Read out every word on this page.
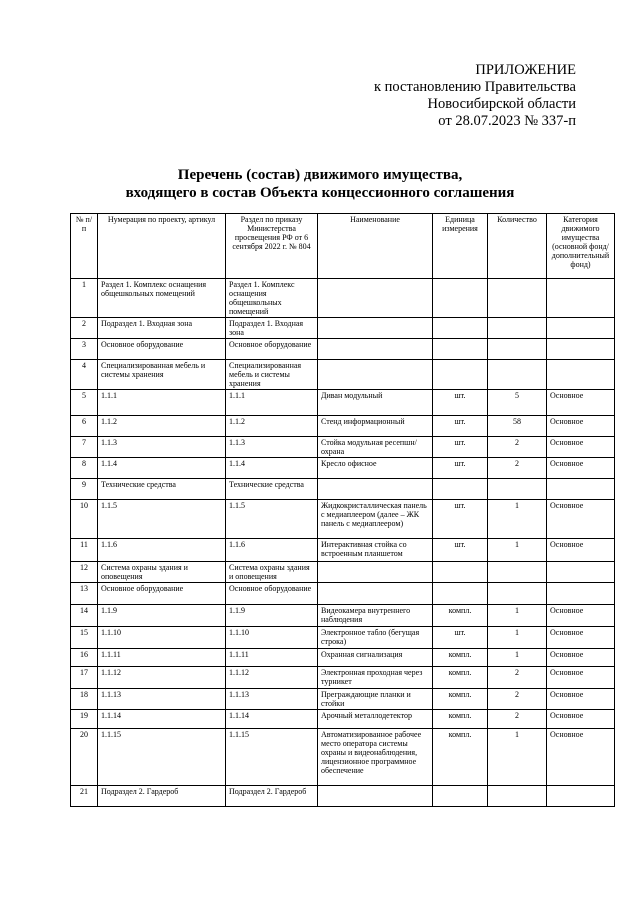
ПРИЛОЖЕНИЕ
к постановлению Правительства
Новосибирской области
от 28.07.2023 № 337-п
Перечень (состав) движимого имущества,
входящего в состав Объекта концессионного соглашения
№ п/п	Нумерация по проекту, артикул	Раздел по приказу Министерства просвещения РФ от 6 сентября 2022 г. № 804	Наименование	Единица измерения	Количество	Категория движимого имущества (основной фонд/ дополнительный фонд)
1	Раздел 1. Комплекс оснащения общешкольных помещений	Раздел 1. Комплекс оснащения общешкольных помещений				
2	Подраздел 1. Входная зона	Подраздел 1. Входная зона				
3	Основное оборудование	Основное оборудование				
4	Специализированная мебель и системы хранения	Специализированная мебель и системы хранения				
5	1.1.1	1.1.1	Диван модульный	шт.	5	Основное
6	1.1.2	1.1.2	Стенд информационный	шт.	58	Основное
7	1.1.3	1.1.3	Стойка модульная ресепшн/охрана	шт.	2	Основное
8	1.1.4	1.1.4	Кресло офисное	шт.	2	Основное
9	Технические средства	Технические средства				
10	1.1.5	1.1.5	Жидкокристаллическая панель с медиаплеером (далее – ЖК панель с медиаплеером)	шт.	1	Основное
11	1.1.6	1.1.6	Интерактивная стойка со встроенным планшетом	шт.	1	Основное
12	Система охраны здания и оповещения	Система охраны здания и оповещения				
13	Основное оборудование	Основное оборудование				
14	1.1.9	1.1.9	Видеокамера внутреннего наблюдения	компл.	1	Основное
15	1.1.10	1.1.10	Электронное табло (бегущая строка)	шт.	1	Основное
16	1.1.11	1.1.11	Охранная сигнализация	компл.	1	Основное
17	1.1.12	1.1.12	Электронная проходная через турникет	компл.	2	Основное
18	1.1.13	1.1.13	Преграждающие планки и стойки	компл.	2	Основное
19	1.1.14	1.1.14	Арочный металлодетектор	компл.	2	Основное
20	1.1.15	1.1.15	Автоматизированное рабочее место оператора системы охраны и видеонаблюдения, лицензионное программное обеспечение	компл.	1	Основное
21	Подраздел 2. Гардероб	Подраздел 2. Гардероб				
